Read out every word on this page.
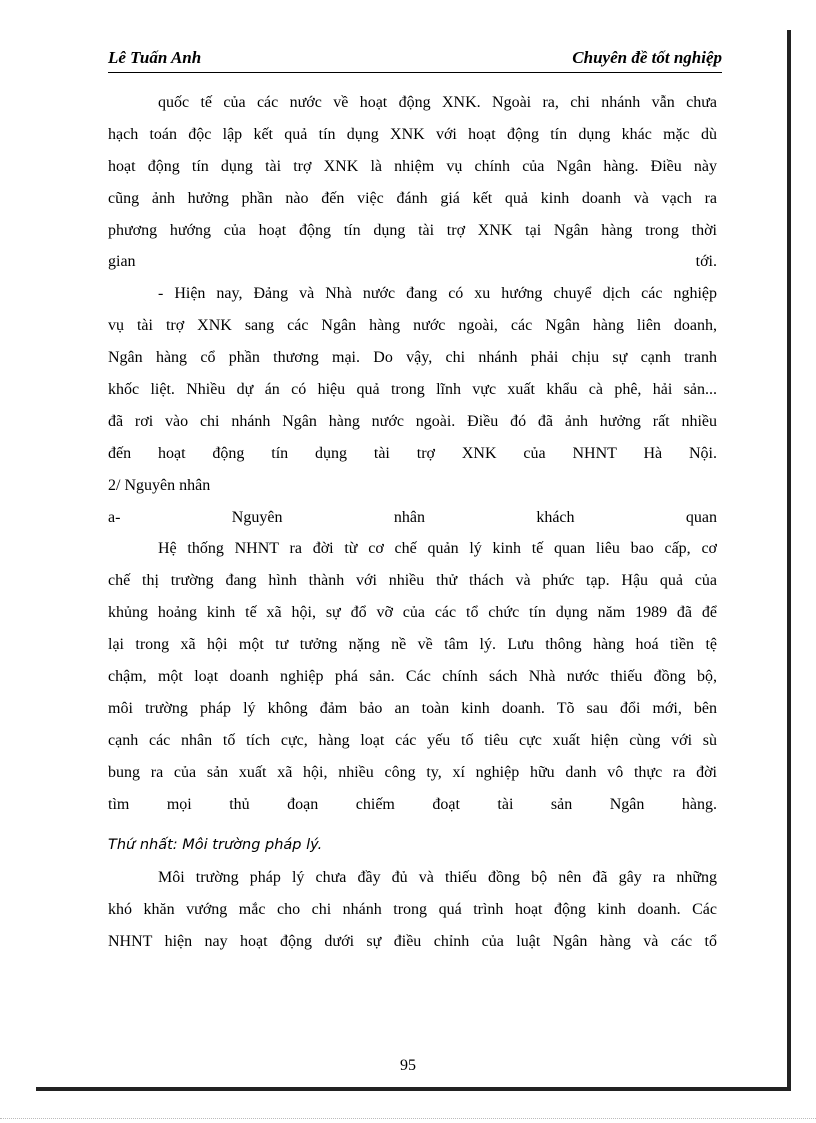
Lê Tuấn Anh	Chuyên đề tốt nghiệp
quốc tế của các nước về hoạt động XNK. Ngoài ra, chi nhánh vẫn chưa
hạch toán độc lập kết quả tín dụng XNK với hoạt động tín dụng khác mặc dù
hoạt động tín dụng tài trợ XNK là nhiệm vụ chính của Ngân hàng. Điều này
cũng ảnh hưởng phần nào đến việc đánh giá kết quả kinh doanh và vạch ra
phương hướng của hoạt động tín dụng tài trợ XNK tại Ngân hàng trong thời
gian tới.
- Hiện nay, Đảng và Nhà nước đang có xu hướng chuyể dịch các nghiệp
vụ tài trợ XNK sang các Ngân hàng nước ngoài, các Ngân hàng liên doanh,
Ngân hàng cổ phần thương mại. Do vậy, chi nhánh phải chịu sự cạnh tranh
khốc liệt. Nhiều dự án có hiệu quả trong lĩnh vực xuất khẩu cà phê, hải sản...
đã rơi vào chi nhánh Ngân hàng nước ngoài. Điều đó đã ảnh hưởng rất nhiều
đến hoạt động tín dụng tài trợ XNK của NHNT Hà Nội.
2/ Nguyên nhân
a- Nguyên nhân khách quan
Hệ thống NHNT ra đời từ cơ chế quản lý kinh tế quan liêu bao cấp, cơ
chế thị trường đang hình thành với nhiều thử thách và phức tạp. Hậu quả của
khủng hoảng kinh tế xã hội, sự đổ vỡ của các tổ chức tín dụng năm 1989 đã để
lại trong xã hội một tư tưởng nặng nề về tâm lý. Lưu thông hàng hoá tiền tệ
chậm, một loạt doanh nghiệp phá sản. Các chính sách Nhà nước thiếu đồng bộ,
môi trường pháp lý không đảm bảo an toàn kinh doanh. Tõ sau đổi mới, bên
cạnh các nhân tố tích cực, hàng loạt các yếu tố tiêu cực xuất hiện cùng với sù
bung ra của sản xuất xã hội, nhiều công ty, xí nghiệp hữu danh vô thực ra đời
tìm mọi thủ đoạn chiếm đoạt tài sản Ngân hàng.
Thứ nhất: Môi trường pháp lý.
Môi trường pháp lý chưa đầy đủ và thiếu đồng bộ nên đã gây ra những
khó khăn vướng mắc cho chi nhánh trong quá trình hoạt động kinh doanh. Các
NHNT hiện nay hoạt động dưới sự điều chỉnh của luật Ngân hàng và các tổ
95
